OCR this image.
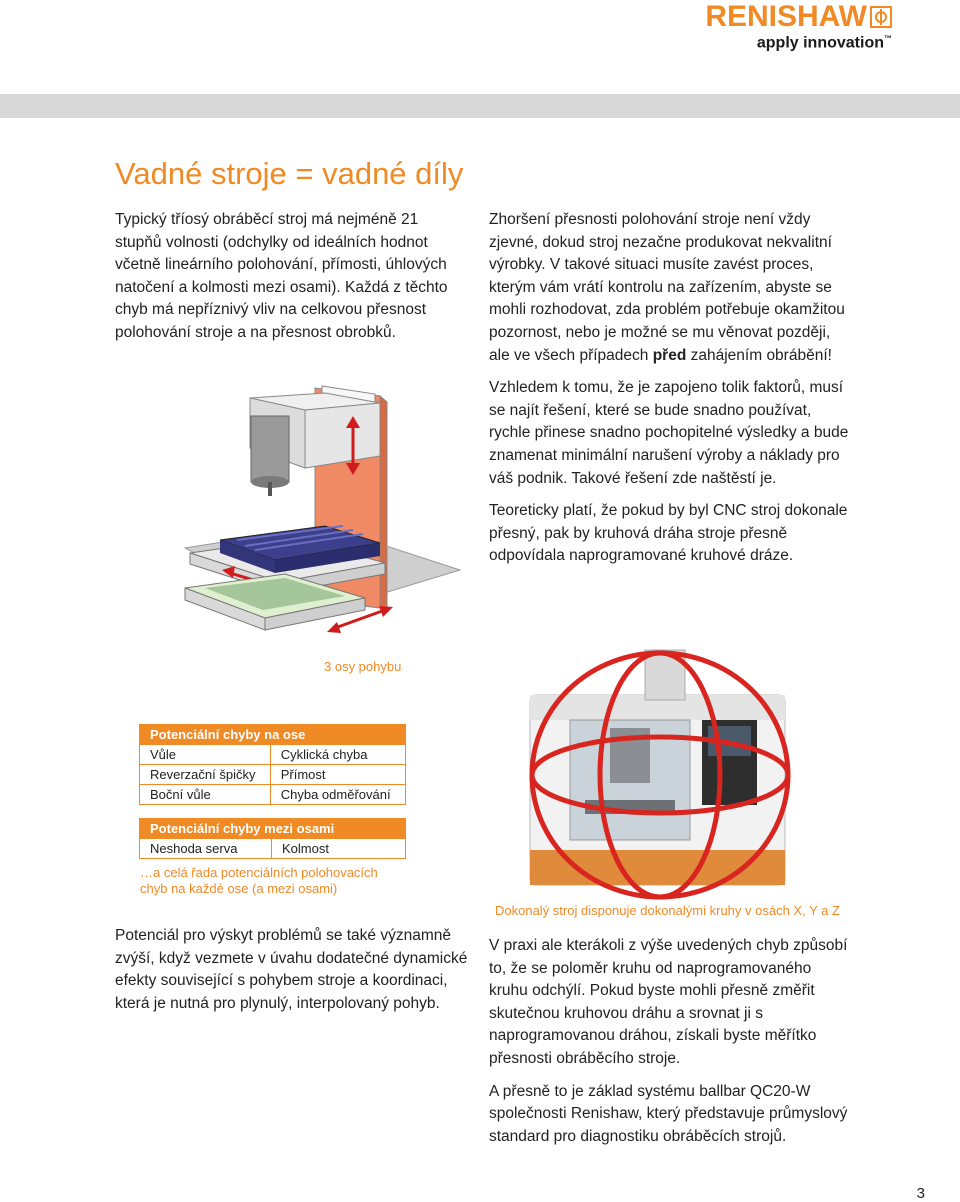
RENISHAW
apply innovation™
Vadné stroje = vadné díly

Typický tříosý obráběcí stroj má nejméně 21 stupňů volnosti (odchylky od ideálních hodnot včetně lineárního polohování, přímosti, úhlových natočení a kolmosti mezi osami). Každá z těchto chyb má nepříznivý vliv na celkovou přesnost polohování stroje a na přesnost obrobků.

Zhoršení přesnosti polohování stroje není vždy zjevné, dokud stroj nezačne produkovat nekvalitní výrobky. V takové situaci musíte zavést proces, kterým vám vrátí kontrolu na zařízením, abyste se mohli rozhodovat, zda problém potřebuje okamžitou pozornost, nebo je možné se mu věnovat později, ale ve všech případech před zahájením obrábění!

Vzhledem k tomu, že je zapojeno tolik faktorů, musí se najít řešení, které se bude snadno používat, rychle přinese snadno pochopitelné výsledky a bude znamenat minimální narušení výroby a náklady pro váš podnik. Takové řešení zde naštěstí je.

Teoreticky platí, že pokud by byl CNC stroj dokonale přesný, pak by kruhová dráha stroje přesně odpovídala naprogramované kruhové dráze.

3 osy pohybu
Potenciální chyby na ose	
Vůle	Cyklická chyba
Reverzační špičky	Přímost
Boční vůle	Chyba odměřování
Potenciální chyby mezi osami
Neshoda serva	Kolmost
…a celá řada potenciálních polohovacích chyb na každé ose (a mezi osami)

Potenciál pro výskyt problémů se také významně zvýší, když vezmete v úvahu dodatečné dynamické efekty související s pohybem stroje a koordinaci, která je nutná pro plynulý, interpolovaný pohyb.

Dokonalý stroj disponuje dokonalými kruhy v osách X, Y a Z

V praxi ale kterákoli z výše uvedených chyb způsobí to, že se poloměr kruhu od naprogramovaného kruhu odchýlí. Pokud byste mohli přesně změřit skutečnou kruhovou dráhu a srovnat ji s naprogramovanou dráhou, získali byste měřítko přesnosti obráběcího stroje.

A přesně to je základ systému ballbar QC20-W společnosti Renishaw, který představuje průmyslový standard pro diagnostiku obráběcích strojů.

3
